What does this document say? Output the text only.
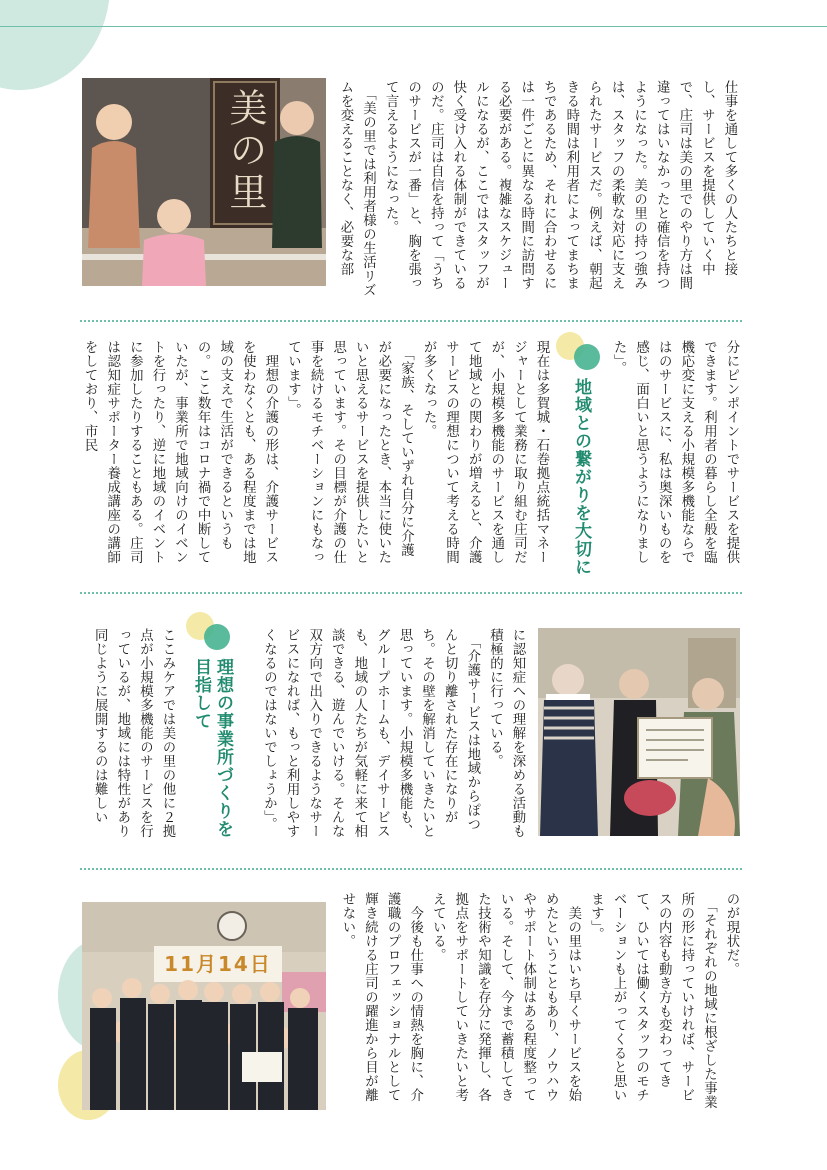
美の里	仕事を通して多くの人たちと接し、サービスを提供していく中で、庄司は美の里でのやり方は間違ってはいなかったと確信を持つようになった。美の里の持つ強みは、スタッフの柔軟な対応に支えられたサービスだ。例えば、朝起きる時間は利用者によってまちまちであるため、それに合わせるには一件ごとに異なる時間に訪問する必要がある。複雑なスケジュールになるが、ここではスタッフが快く受け入れる体制ができているのだ。庄司は自信を持って「うちのサービスが一番」と、胸を張って言えるようになった。
　「美の里では利用者様の生活リズムを変えることなく、必要な部

分にピンポイントでサービスを提供できます。利用者の暮らし全般を臨機応変に支える小規模多機能ならではのサービスに、私は奥深いものを感じ、面白いと思うようになりました」。

地域との繋がりを大切に

現在は多賀城・石巻拠点統括マネージャーとして業務に取り組む庄司だが、小規模多機能のサービスを通して地域との関わりが増えると、介護サービスの理想について考える時間が多くなった。
　「家族、そしていずれ自分に介護が必要になったとき、本当に使いたいと思えるサービスを提供したいと思っています。その目標が介護の仕事を続けるモチベーションにもなっています」。
　理想の介護の形は、介護サービスを使わなくとも、ある程度までは地域の支えで生活ができるというもの。ここ数年はコロナ禍で中断していたが、事業所で地域向けのイベントを行ったり、逆に地域のイベントに参加したりすることもある。庄司は認知症サポーター養成講座の講師をしており、市民

に認知症への理解を深める活動も積極的に行っている。
　「介護サービスは地域からぽつんと切り離された存在になりがち。その壁を解消していきたいと思っています。小規模多機能も、グループホームも、デイサービスも、地域の人たちが気軽に来て相談できる、遊んでいける。そんな双方向で出入りできるようなサービスになれば、もっと利用しやすくなるのではないでしょうか」。

理想の事業所づくりを目指して

ここみケアでは美の里の他に２拠点が小規模多機能のサービスを行っているが、地域には特性があり同じように展開するのは難しい

のが現状だ。
　「それぞれの地域に根ざした事業所の形に持っていければ、サービスの内容も動き方も変わってきて、ひいては働くスタッフのモチベーションも上がってくると思います」。
　美の里はいち早くサービスを始めたということもあり、ノウハウやサポート体制はある程度整っている。そして、今まで蓄積してきた技術や知識を存分に発揮し、各拠点をサポートしていきたいと考えている。
　今後も仕事への情熱を胸に、介護職のプロフェッショナルとして輝き続ける庄司の躍進から目が離せない。

11月14日
